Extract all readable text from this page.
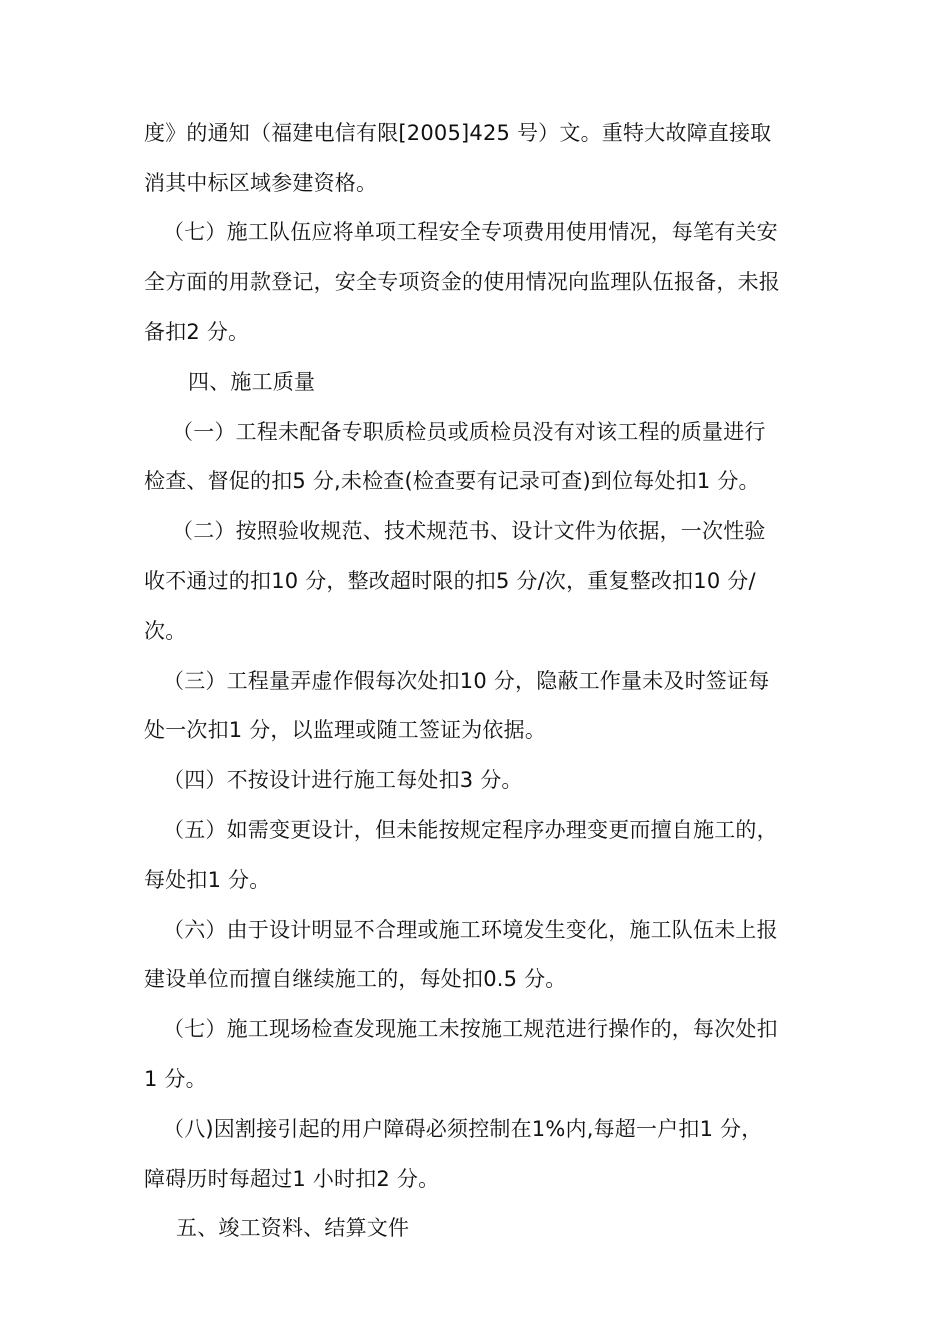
度》的通知（福建电信有限[2005]425 号）文。重特大故障直接取
消其中标区域参建资格。
（七）施工队伍应将单项工程安全专项费用使用情况，每笔有关安
全方面的用款登记，安全专项资金的使用情况向监理队伍报备，未报
备扣2 分。
四、施工质量
（一）工程未配备专职质检员或质检员没有对该工程的质量进行
检查、督促的扣5 分,未检查(检查要有记录可查)到位每处扣1 分。
（二）按照验收规范、技术规范书、设计文件为依据，一次性验
收不通过的扣10 分，整改超时限的扣5 分/次，重复整改扣10 分/
次。
（三）工程量弄虚作假每次处扣10 分，隐蔽工作量未及时签证每
处一次扣1 分，以监理或随工签证为依据。
（四）不按设计进行施工每处扣3 分。
（五）如需变更设计，但未能按规定程序办理变更而擅自施工的，
每处扣1 分。
（六）由于设计明显不合理或施工环境发生变化，施工队伍未上报
建设单位而擅自继续施工的，每处扣0.5 分。
（七）施工现场检查发现施工未按施工规范进行操作的，每次处扣
1 分。
（八)因割接引起的用户障碍必须控制在1%内,每超一户扣1 分，
障碍历时每超过1 小时扣2 分。
五、竣工资料、结算文件
